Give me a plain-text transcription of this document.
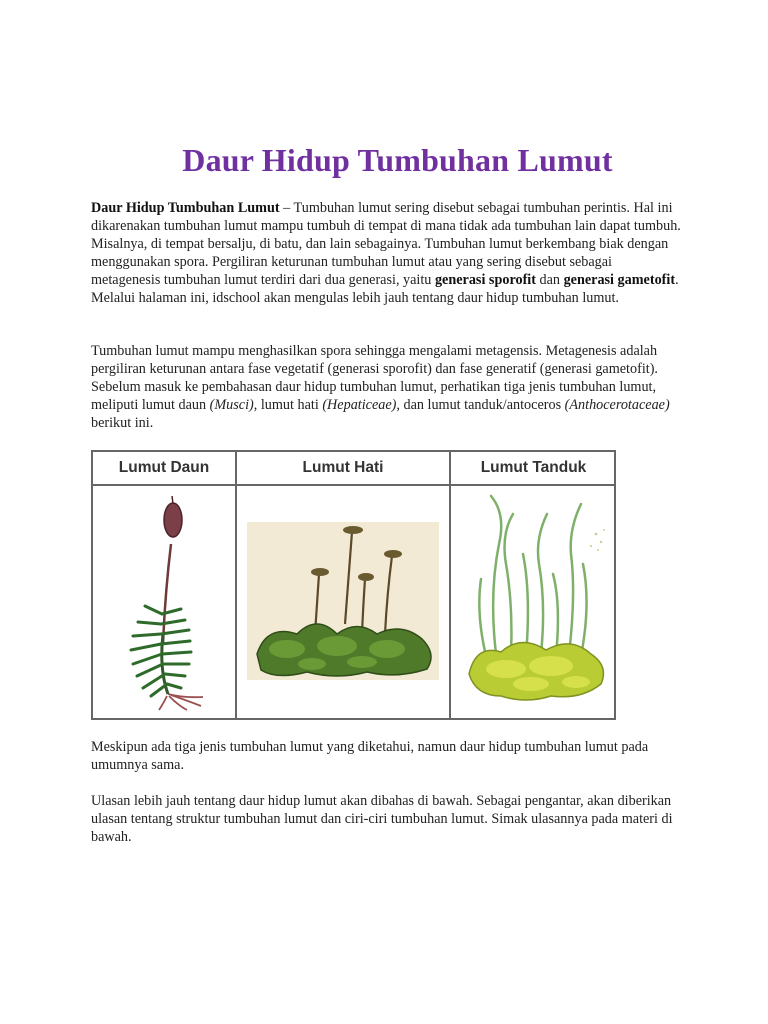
Daur Hidup Tumbuhan Lumut
Daur Hidup Tumbuhan Lumut – Tumbuhan lumut sering disebut sebagai tumbuhan perintis. Hal ini dikarenakan tumbuhan lumut mampu tumbuh di tempat di mana tidak ada tumbuhan lain dapat tumbuh. Misalnya, di tempat bersalju, di batu, dan lain sebagainya. Tumbuhan lumut berkembang biak dengan menggunakan spora. Pergiliran keturunan tumbuhan lumut atau yang sering disebut sebagai metagenesis tumbuhan lumut terdiri dari dua generasi, yaitu generasi sporofit dan generasi gametofit. Melalui halaman ini, idschool akan mengulas lebih jauh tentang daur hidup tumbuhan lumut.
Tumbuhan lumut mampu menghasilkan spora sehingga mengalami metagensis. Metagenesis adalah pergiliran keturunan antara fase vegetatif (generasi sporofit) dan fase generatif (generasi gametofit). Sebelum masuk ke pembahasan daur hidup tumbuhan lumut, perhatikan tiga jenis tumbuhan lumut, meliputi lumut daun (Musci), lumut hati (Hepaticeae), dan lumut tanduk/antoceros (Anthocerotaceae) berikut ini.
Lumut Daun	Lumut Hati	Lumut Tanduk
Meskipun ada tiga jenis tumbuhan lumut yang diketahui, namun daur hidup tumbuhan lumut pada umumnya sama.
Ulasan lebih jauh tentang daur hidup lumut akan dibahas di bawah. Sebagai pengantar, akan diberikan ulasan tentang struktur tumbuhan lumut dan ciri-ciri tumbuhan lumut. Simak ulasannya pada materi di bawah.
